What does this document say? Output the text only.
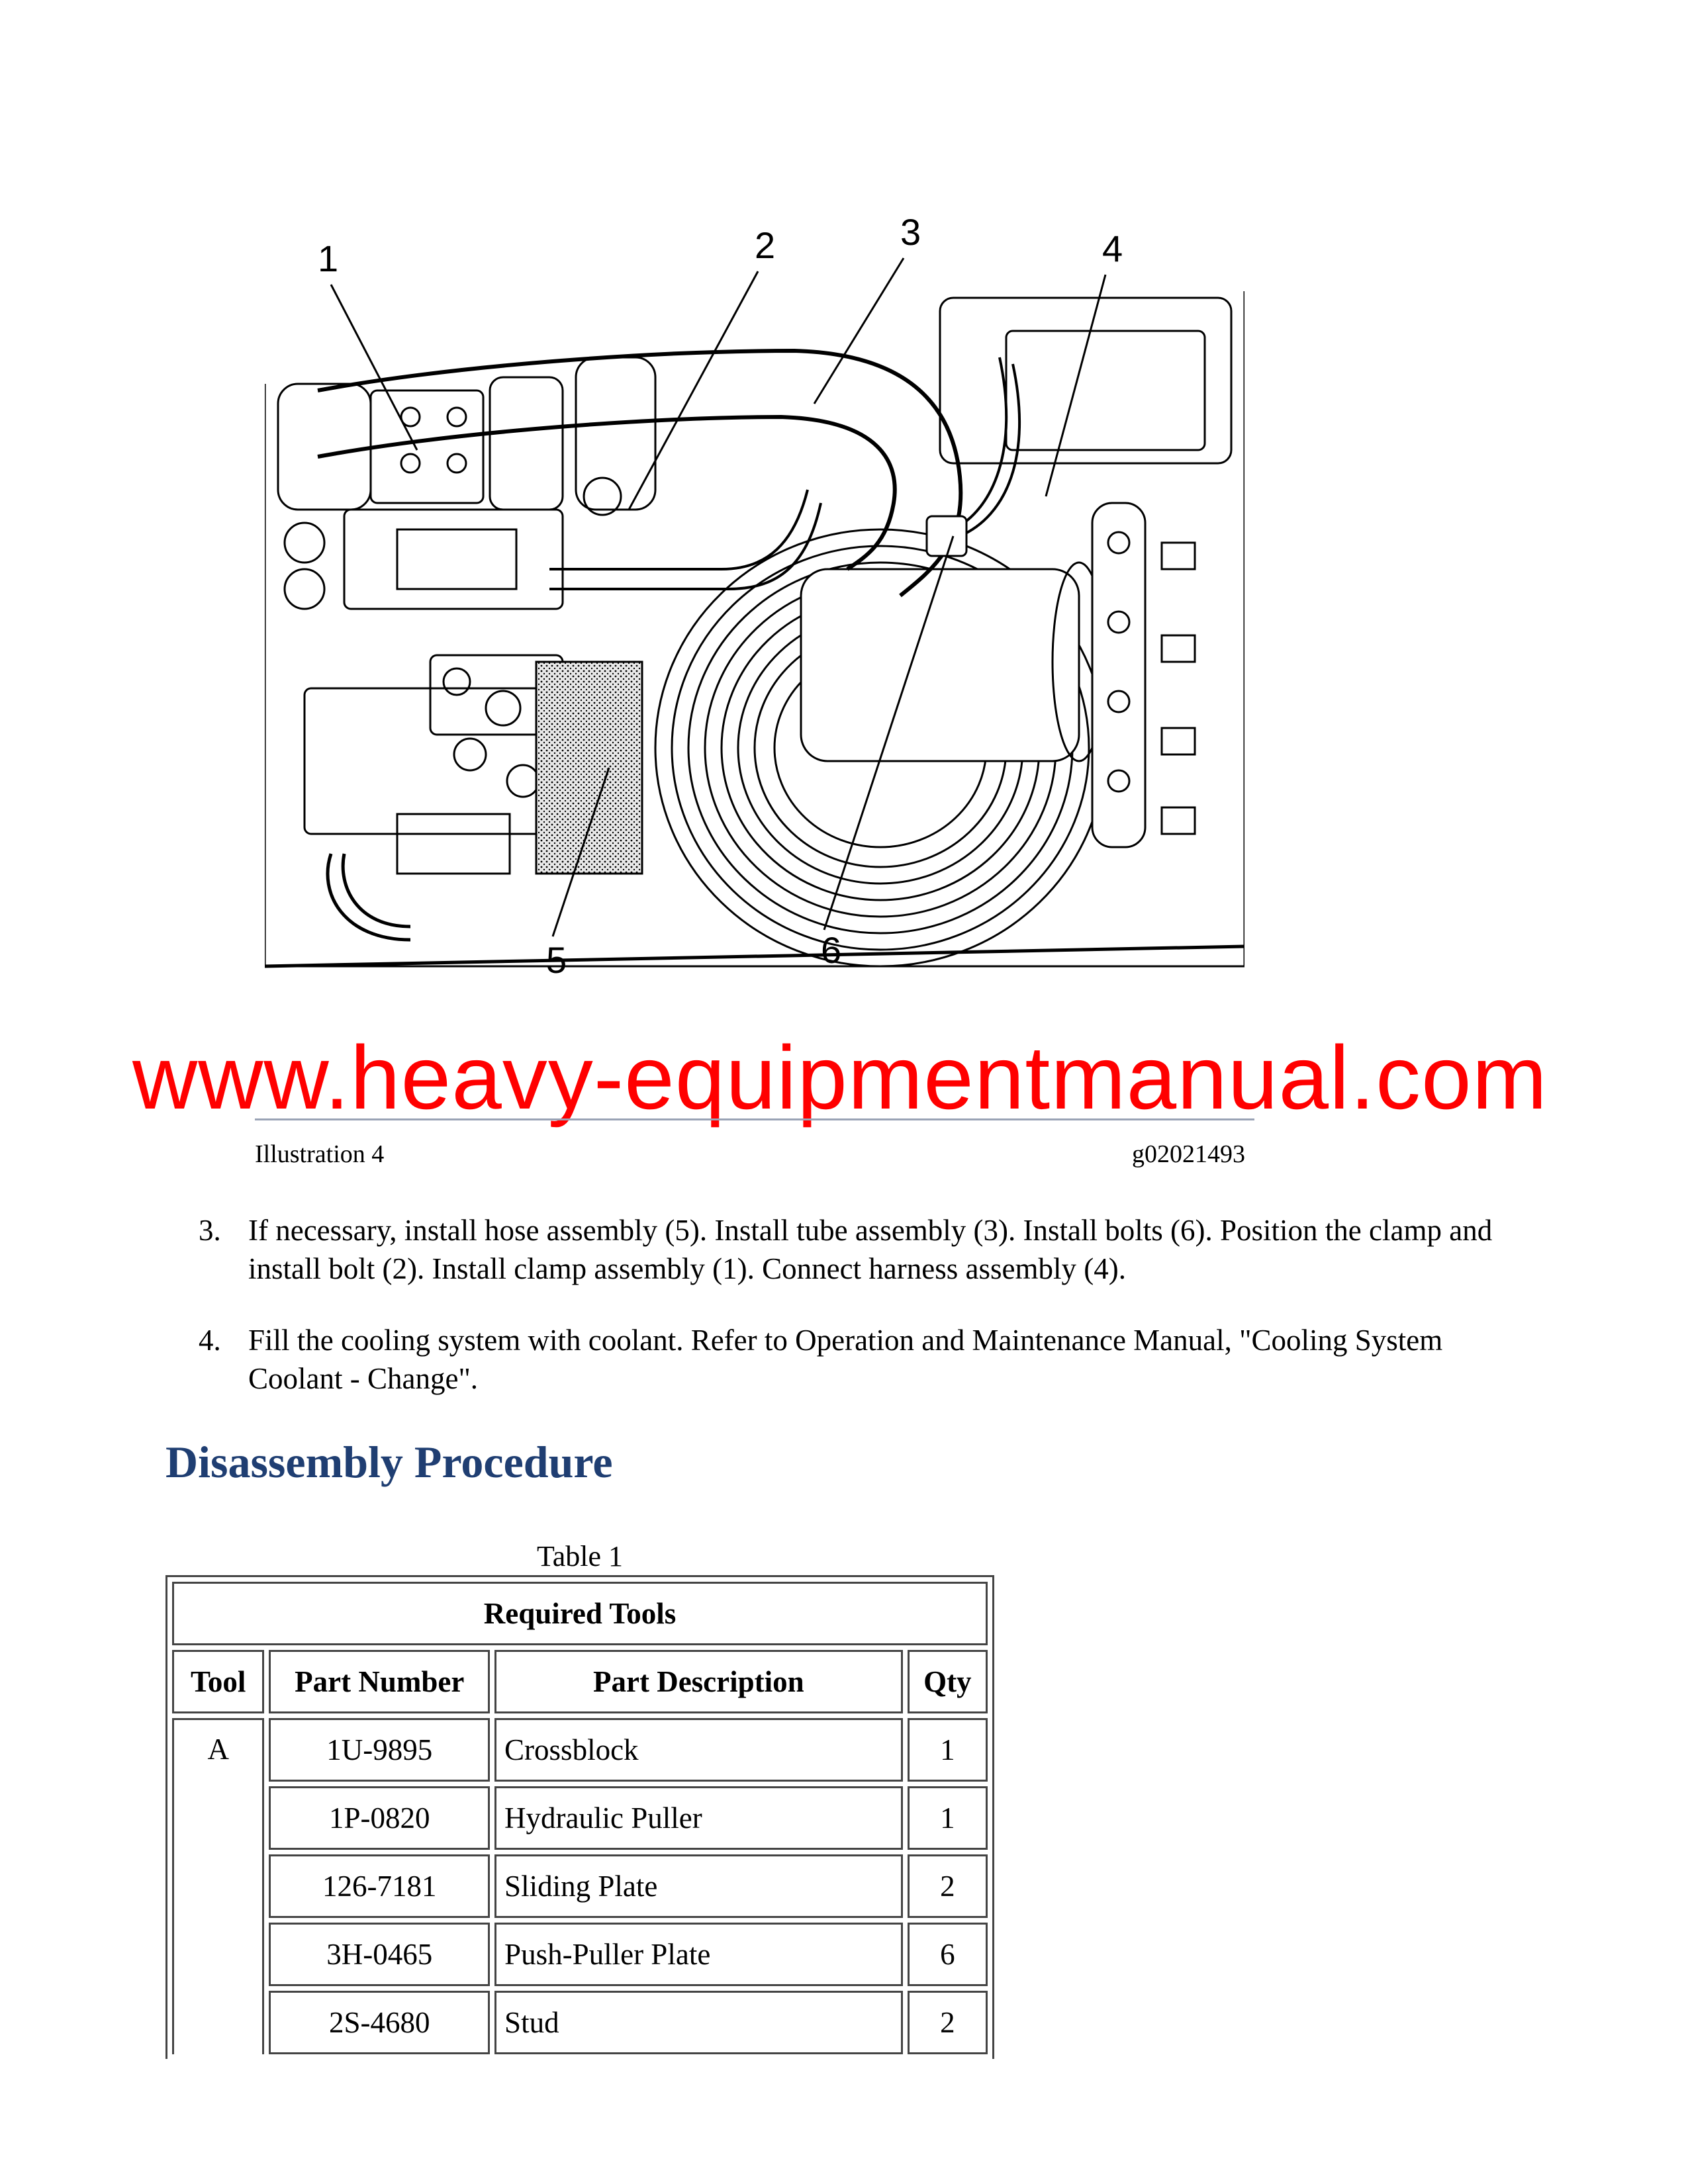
1	2	3	4
5	6
www.heavy-equipmentmanual.com
Illustration 4	g02021493
3. If necessary, install hose assembly (5). Install tube assembly (3). Install bolts (6). Position the clamp and install bolt (2). Install clamp assembly (1). Connect harness assembly (4).
4. Fill the cooling system with coolant. Refer to Operation and Maintenance Manual, "Cooling System Coolant - Change".
Disassembly Procedure
Table 1
Required Tools			
Tool	Part Number	Part Description	Qty
A	1U-9895	Crossblock	1
	1P-0820	Hydraulic Puller	1
	126-7181	Sliding Plate	2
	3H-0465	Push-Puller Plate	6
	2S-4680	Stud	2
